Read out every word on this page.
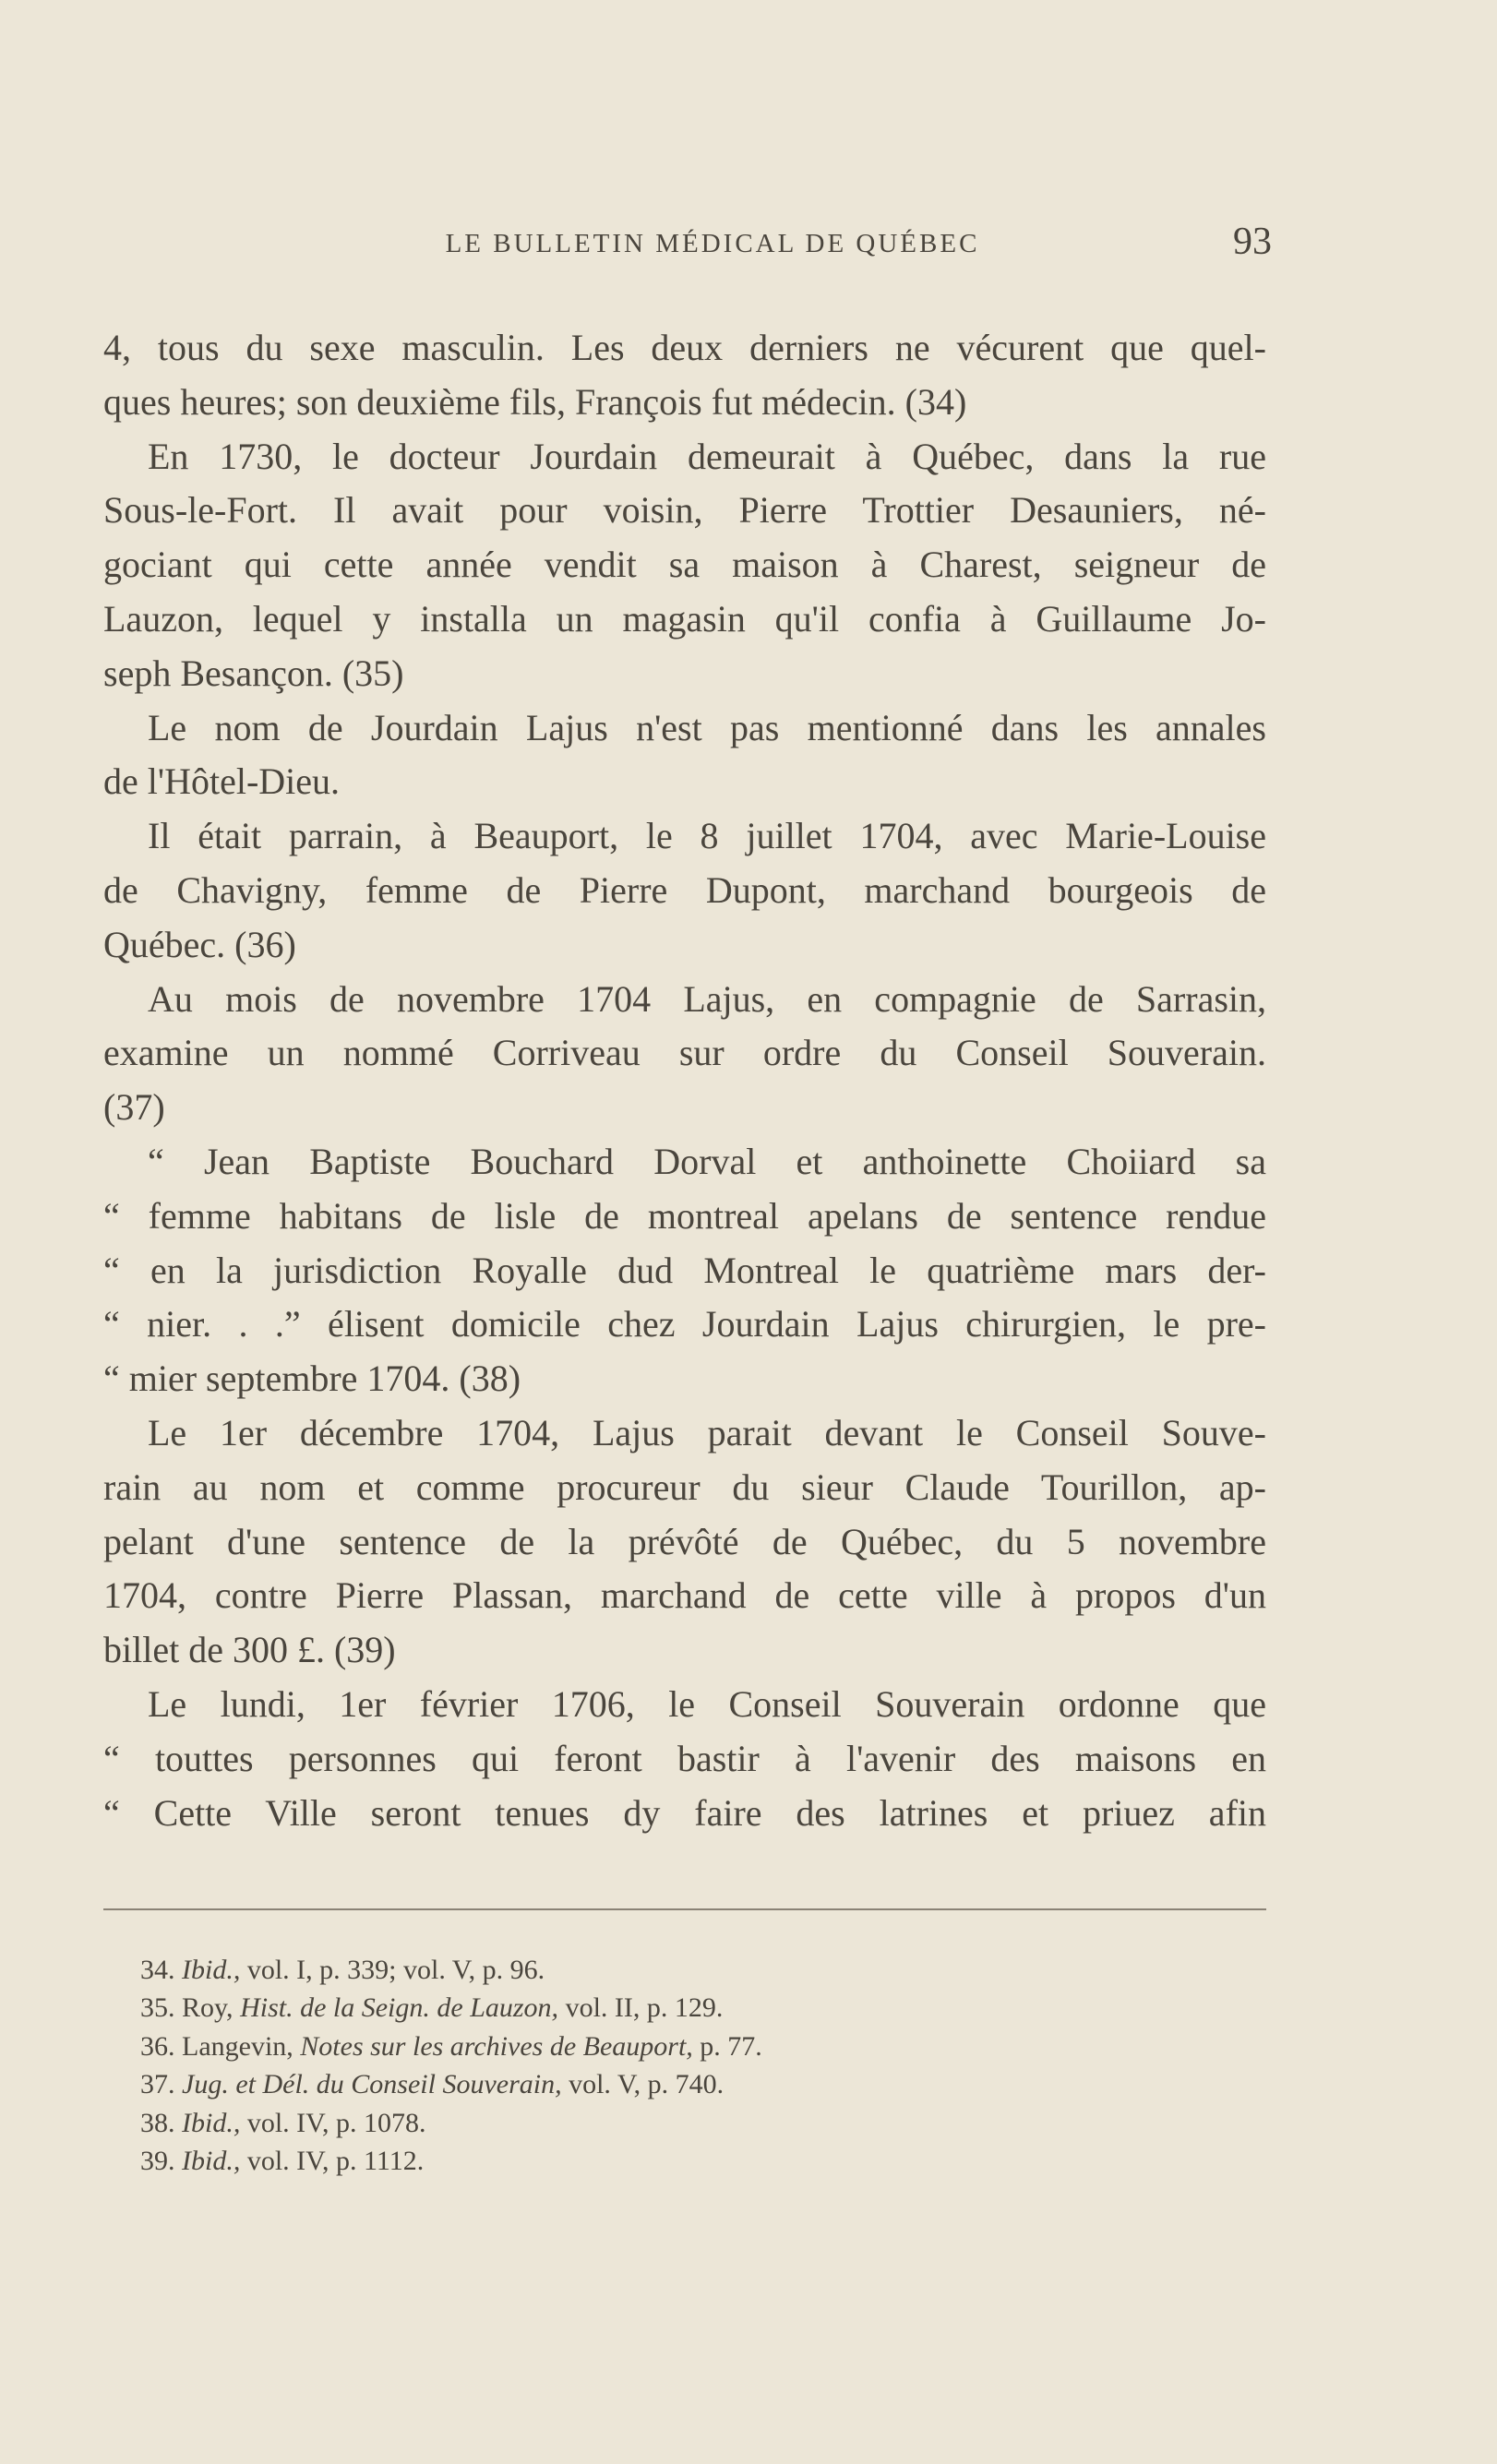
LE BULLETIN MÉDICAL DE QUÉBEC	93
4, tous du sexe masculin. Les deux derniers ne vécurent que quel-
ques heures; son deuxième fils, François fut médecin. (34)
En 1730, le docteur Jourdain demeurait à Québec, dans la rue
Sous-le-Fort. Il avait pour voisin, Pierre Trottier Desauniers, né-
gociant qui cette année vendit sa maison à Charest, seigneur de
Lauzon, lequel y installa un magasin qu'il confia à Guillaume Jo-
seph Besançon. (35)
Le nom de Jourdain Lajus n'est pas mentionné dans les annales
de l'Hôtel-Dieu.
Il était parrain, à Beauport, le 8 juillet 1704, avec Marie-Louise
de Chavigny, femme de Pierre Dupont, marchand bourgeois de
Québec. (36)
Au mois de novembre 1704 Lajus, en compagnie de Sarrasin,
examine un nommé Corriveau sur ordre du Conseil Souverain.
(37)
“ Jean Baptiste Bouchard Dorval et anthoinette Choiiard sa
“ femme habitans de lisle de montreal apelans de sentence rendue
“ en la jurisdiction Royalle dud Montreal le quatrième mars der-
“ nier. . .” élisent domicile chez Jourdain Lajus chirurgien, le pre-
“ mier septembre 1704. (38)
Le 1er décembre 1704, Lajus parait devant le Conseil Souve-
rain au nom et comme procureur du sieur Claude Tourillon, ap-
pelant d'une sentence de la prévôté de Québec, du 5 novembre
1704, contre Pierre Plassan, marchand de cette ville à propos d'un
billet de 300 £. (39)
Le lundi, 1er février 1706, le Conseil Souverain ordonne que
“ touttes personnes qui feront bastir à l'avenir des maisons en
“ Cette Ville seront tenues dy faire des latrines et priuez afin
34. Ibid., vol. I, p. 339; vol. V, p. 96.
35. Roy, Hist. de la Seign. de Lauzon, vol. II, p. 129.
36. Langevin, Notes sur les archives de Beauport, p. 77.
37. Jug. et Dél. du Conseil Souverain, vol. V, p. 740.
38. Ibid., vol. IV, p. 1078.
39. Ibid., vol. IV, p. 1112.
